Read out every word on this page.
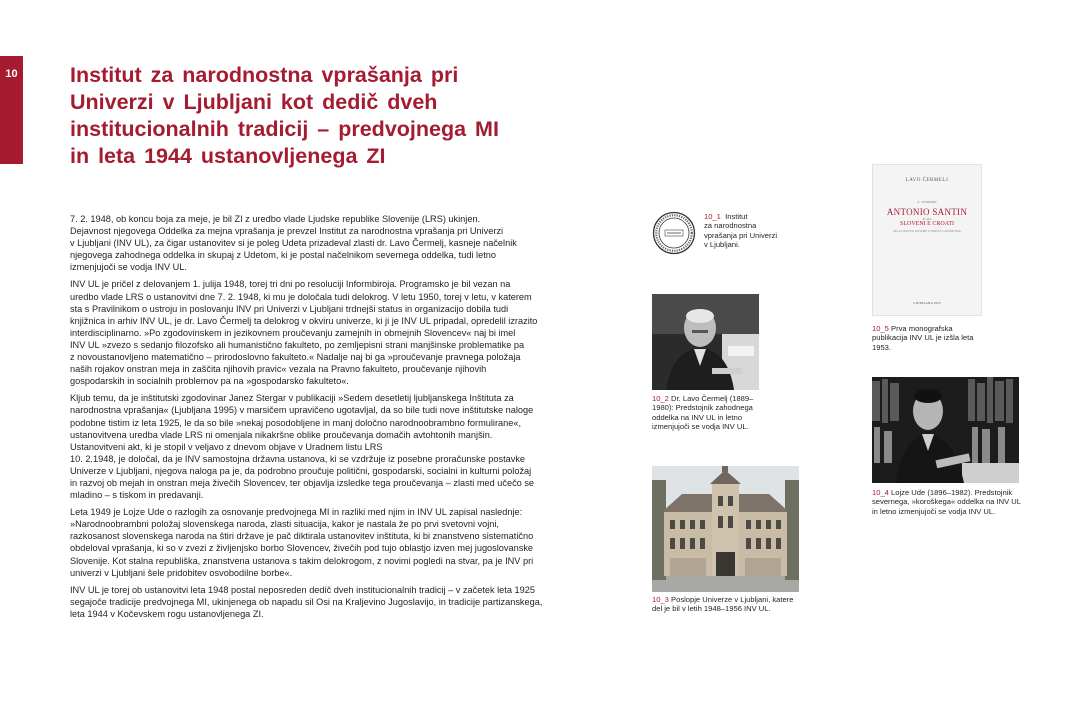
10 Institut za narodnostna vprašanja pri
Univerzi v Ljubljani kot dedič dveh
institucionalnih tradicij – predvojnega MI
in leta 1944 ustanovljenega ZI

7. 2. 1948, ob koncu boja za meje, je bil ZI z uredbo vlade Ljudske republike Slovenije (LRS) ukinjen.
Dejavnost njegovega Oddelka za mejna vprašanja je prevzel Institut za narodnostna vprašanja pri Univerzi
v Ljubljani (INV UL), za čigar ustanovitev si je poleg Udeta prizadeval zlasti dr. Lavo Čermelj, kasneje načelnik
njegovega zahodnega oddelka in skupaj z Udetom, ki je postal načelnikom severnega oddelka, tudi letno
izmenjujoči se vodja INV UL.

INV UL je pričel z delovanjem 1. julija 1948, torej tri dni po resoluciji Informbiroja. Programsko je bil vezan na
uredbo vlade LRS o ustanovitvi dne 7. 2. 1948, ki mu je določala tudi delokrog. V letu 1950, torej v letu, v katerem
sta s Pravilnikom o ustroju in poslovanju INV pri Univerzi v Ljubljani trdnejši status in organizacijo dobila tudi
knjižnica in arhiv INV UL, je dr. Lavo Čermelj ta delokrog v okviru univerze, ki ji je INV UL pripadal, opredelil izrazito
interdisciplinarno. »Po zgodovinskem in jezikovnem proučevanju zamejnih in obmejnih Slovencev« naj bi imel
INV UL »zvezo s sedanjo filozofsko ali humanistično fakulteto, po zemljepisni strani manjšinske problematike pa
z novoustanovljeno matematično – prirodoslovno fakulteto.« Nadalje naj bi ga »proučevanje pravnega položaja
naših rojakov onstran meja in zaščita njihovih pravic« vezala na Pravno fakulteto, proučevanje njihovih
gospodarskih in socialnih problemov pa na »gospodarsko fakulteto«.

Kljub temu, da je inštitutski zgodovinar Janez Stergar v publikaciji »Sedem desetletij ljubljanskega Inštituta za
narodnostna vprašanja« (Ljubljana 1995) v marsičem upravičeno ugotavljal, da so bile tudi nove inštitutske naloge
podobne tistim iz leta 1925, le da so bile »nekaj posodobljene in manj določno narodnoobrambno formulirane«,
ustanovitvena uredba vlade LRS ni omenjala nikakršne oblike proučevanja domačih avtohtonih manjšin.
Ustanovitveni akt, ki je stopil v veljavo z dnevom objave v Uradnem listu LRS
10. 2.1948, je določal, da je INV samostojna državna ustanova, ki se vzdržuje iz posebne proračunske postavke
Univerze v Ljubljani, njegova naloga pa je, da podrobno proučuje politični, gospodarski, socialni in kulturni položaj
in razvoj ob mejah in onstran meja živečih Slovencev, ter objavlja izsledke tega proučevanja – zlasti med učečo se
mladino – s tiskom in predavanji.

Leta 1949 je Lojze Ude o razlogih za osnovanje predvojnega MI in razliki med njim in INV UL zapisal naslednje:
»Narodnoobrambni položaj slovenskega naroda, zlasti situacija, kakor je nastala že po prvi svetovni vojni,
razkosanost slovenskega naroda na štiri države je pač diktirala ustanovitev inštituta, ki bi znanstveno sistematično
obdeloval vprašanja, ki so v zvezi z življenjsko borbo Slovencev, živečih pod tujo oblastjo izven mej jugoslovanske
Slovenije. Kot stalna republiška, znanstvena ustanova s takim delokrogom, z novimi pogledi na stvar, pa je INV pri
univerzi v Ljubljani šele pridobitev osvobodilne borbe«.

INV UL je torej ob ustanovitvi leta 1948 postal neposreden dedič dveh institucionalnih tradicij – v začetek leta 1925
segajoče tradicije predvojnega MI, ukinjenega ob napadu sil Osi na Kraljevino Jugoslavijo, in tradicije partizanskega,
leta 1944 v Kočevskem rogu ustanovljenega ZI.

10_1 Institut
za narodnostna
vprašanja pri Univerzi
v Ljubljani.
10_2 Dr. Lavo Čermelj (1889–
1980): Predstojnik zahodnega
oddelka na INV UL in letno
izmenjujoči se vodja INV UL.
10_3 Poslopje Univerze v Ljubljani, katere
del je bil v letih 1948–1956 INV UL.
LAVO ČERMELJ
Z. VERDNIK
ANTONIO SANTIN
E GLI
SLOVENI E CROATI
DELLA DIOCESI DI FIUME E TRIESTE-CAPODISTRIA
LJUBLJANA 1953
10_5 Prva monografska
publikacija INV UL je izšla leta
1953.
10_4 Lojze Ude (1896–1982). Predstojnik
severnega, »koroškega« oddelka na INV UL
in letno izmenjujoči se vodja INV UL.
